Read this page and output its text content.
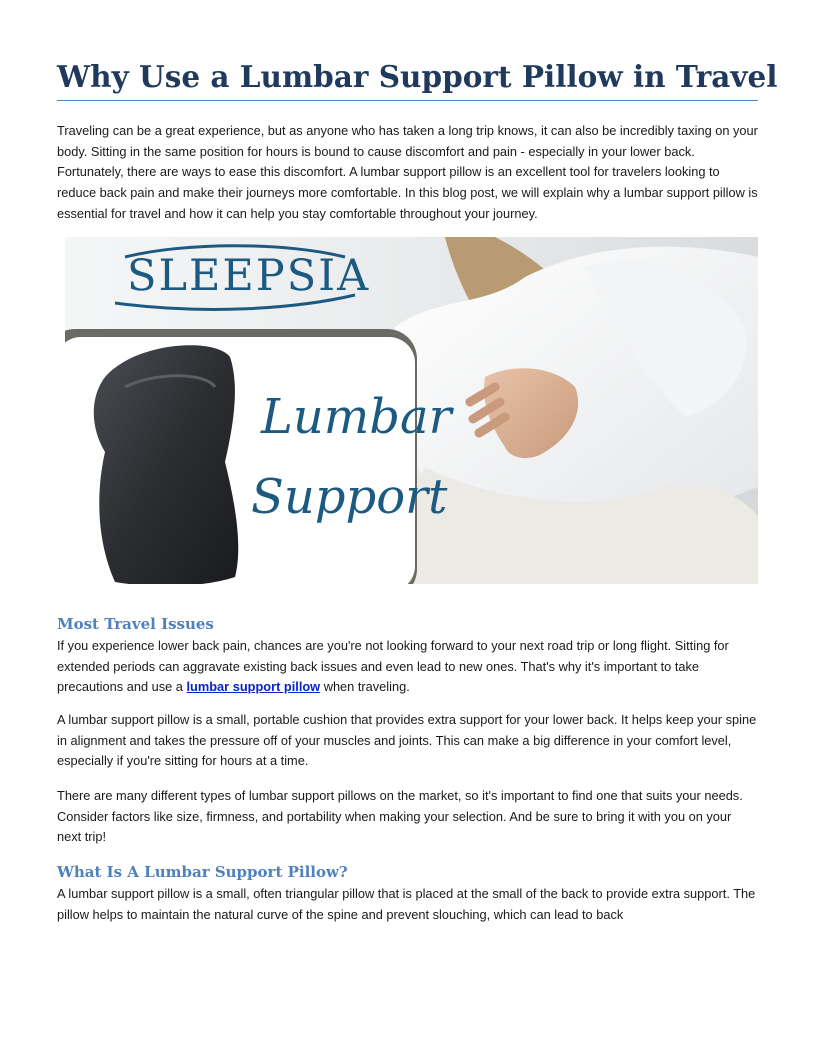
Why Use a Lumbar Support Pillow in Travel

Traveling can be a great experience, but as anyone who has taken a long trip knows, it can also be incredibly taxing on your body. Sitting in the same position for hours is bound to cause discomfort and pain - especially in your lower back. Fortunately, there are ways to ease this discomfort. A lumbar support pillow is an excellent tool for travelers looking to reduce back pain and make their journeys more comfortable. In this blog post, we will explain why a lumbar support pillow is essential for travel and how it can help you stay comfortable throughout your journey.

SLEEPSIA
Lumbar
Support
Most Travel Issues

If you experience lower back pain, chances are you're not looking forward to your next road trip or long flight. Sitting for extended periods can aggravate existing back issues and even lead to new ones. That's why it's important to take precautions and use a lumbar support pillow when traveling.

A lumbar support pillow is a small, portable cushion that provides extra support for your lower back. It helps keep your spine in alignment and takes the pressure off of your muscles and joints. This can make a big difference in your comfort level, especially if you're sitting for hours at a time.

There are many different types of lumbar support pillows on the market, so it's important to find one that suits your needs. Consider factors like size, firmness, and portability when making your selection. And be sure to bring it with you on your next trip!

What Is A Lumbar Support Pillow?

A lumbar support pillow is a small, often triangular pillow that is placed at the small of the back to provide extra support. The pillow helps to maintain the natural curve of the spine and prevent slouching, which can lead to back
